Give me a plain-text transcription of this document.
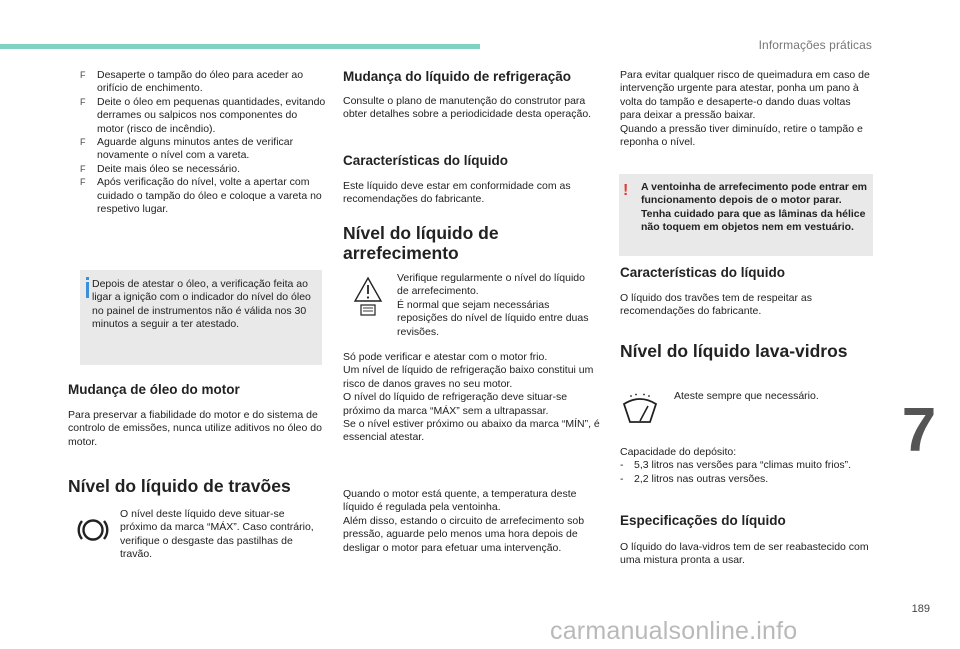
Informações práticas
F	Desaperte o tampão do óleo para aceder ao orifício de enchimento.
F	Deite o óleo em pequenas quantidades, evitando derrames ou salpicos nos componentes do motor (risco de incêndio).
F	Aguarde alguns minutos antes de verificar novamente o nível com a vareta.
F	Deite mais óleo se necessário.
F	Após verificação do nível, volte a apertar com cuidado o tampão do óleo e coloque a vareta no respetivo lugar.
Depois de atestar o óleo, a verificação feita ao ligar a ignição com o indicador do nível do óleo no painel de instrumentos não é válida nos 30 minutos a seguir a ter atestado.
Mudança de óleo do motor
Para preservar a fiabilidade do motor e do sistema de controlo de emissões, nunca utilize aditivos no óleo do motor.
Nível do líquido de travões
O nível deste líquido deve situar-se próximo da marca “MÁX”. Caso contrário, verifique o desgaste das pastilhas de travão.
Mudança do líquido de refrigeração
Consulte o plano de manutenção do construtor para obter detalhes sobre a periodicidade desta operação.
Características do líquido
Este líquido deve estar em conformidade com as recomendações do fabricante.
Nível do líquido de
arrefecimento
Verifique regularmente o nível do líquido de arrefecimento.
É normal que sejam necessárias reposições do nível de líquido entre duas revisões.
Só pode verificar e atestar com o motor frio.
Um nível de líquido de refrigeração baixo constitui um risco de danos graves no seu motor.
O nível do líquido de refrigeração deve situar-se próximo da marca “MÁX” sem a ultrapassar.
Se o nível estiver próximo ou abaixo da marca “MÍN”, é essencial atestar.
Quando o motor está quente, a temperatura deste líquido é regulada pela ventoinha.
Além disso, estando o circuito de arrefecimento sob pressão, aguarde pelo menos uma hora depois de desligar o motor para efetuar uma intervenção.
Para evitar qualquer risco de queimadura em caso de intervenção urgente para atestar, ponha um pano à volta do tampão e desaperte-o dando duas voltas para deixar a pressão baixar.
Quando a pressão tiver diminuído, retire o tampão e reponha o nível.
! A ventoinha de arrefecimento pode entrar em funcionamento depois de o motor parar. Tenha cuidado para que as lâminas da hélice não toquem em objetos nem em vestuário.
Características do líquido
O líquido dos travões tem de respeitar as recomendações do fabricante.
Nível do líquido lava-vidros
Ateste sempre que necessário.
Capacidade do depósito:
- 5,3 litros nas versões para “climas muito frios”.
- 2,2 litros nas outras versões.
Especificações do líquido
O líquido do lava-vidros tem de ser reabastecido com uma mistura pronta a usar.
7
189
carmanualsonline.info
